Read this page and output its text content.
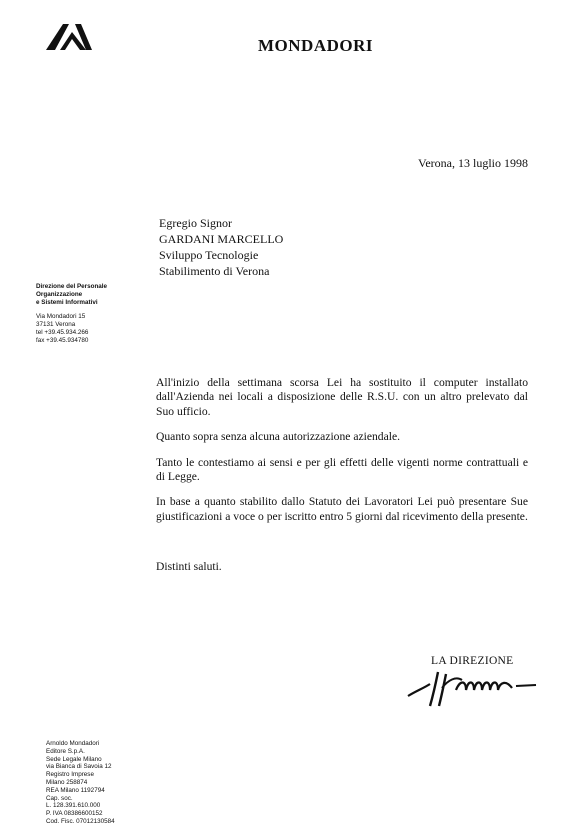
MONDADORI
Verona, 13 luglio 1998
Egregio Signor
GARDANI MARCELLO
Sviluppo Tecnologie
Stabilimento di Verona
Direzione del Personale
Organizzazione
e Sistemi Informativi
Via Mondadori 15
37131 Verona
tel +39.45.934.266
fax +39.45.934780

All'inizio della settimana scorsa Lei ha sostituito il computer installato dall'Azienda nei locali a disposizione delle R.S.U. con un altro prelevato dal Suo ufficio.

Quanto sopra senza alcuna autorizzazione aziendale.

Tanto le contestiamo ai sensi e per gli effetti delle vigenti norme contrattuali e di Legge.

In base a quanto stabilito dallo Statuto dei Lavoratori Lei può presentare Sue giustificazioni a voce o per iscritto entro 5 giorni dal ricevimento della presente.

Distinti saluti.
LA DIREZIONE
Arnoldo Mondadori
Editore S.p.A.
Sede Legale Milano
via Bianca di Savoia 12
Registro Imprese
Milano 258874
REA Milano 1192794
Cap. soc.
L. 128.391.610.000
P. IVA 08386600152
Cod. Fisc. 07012130584
